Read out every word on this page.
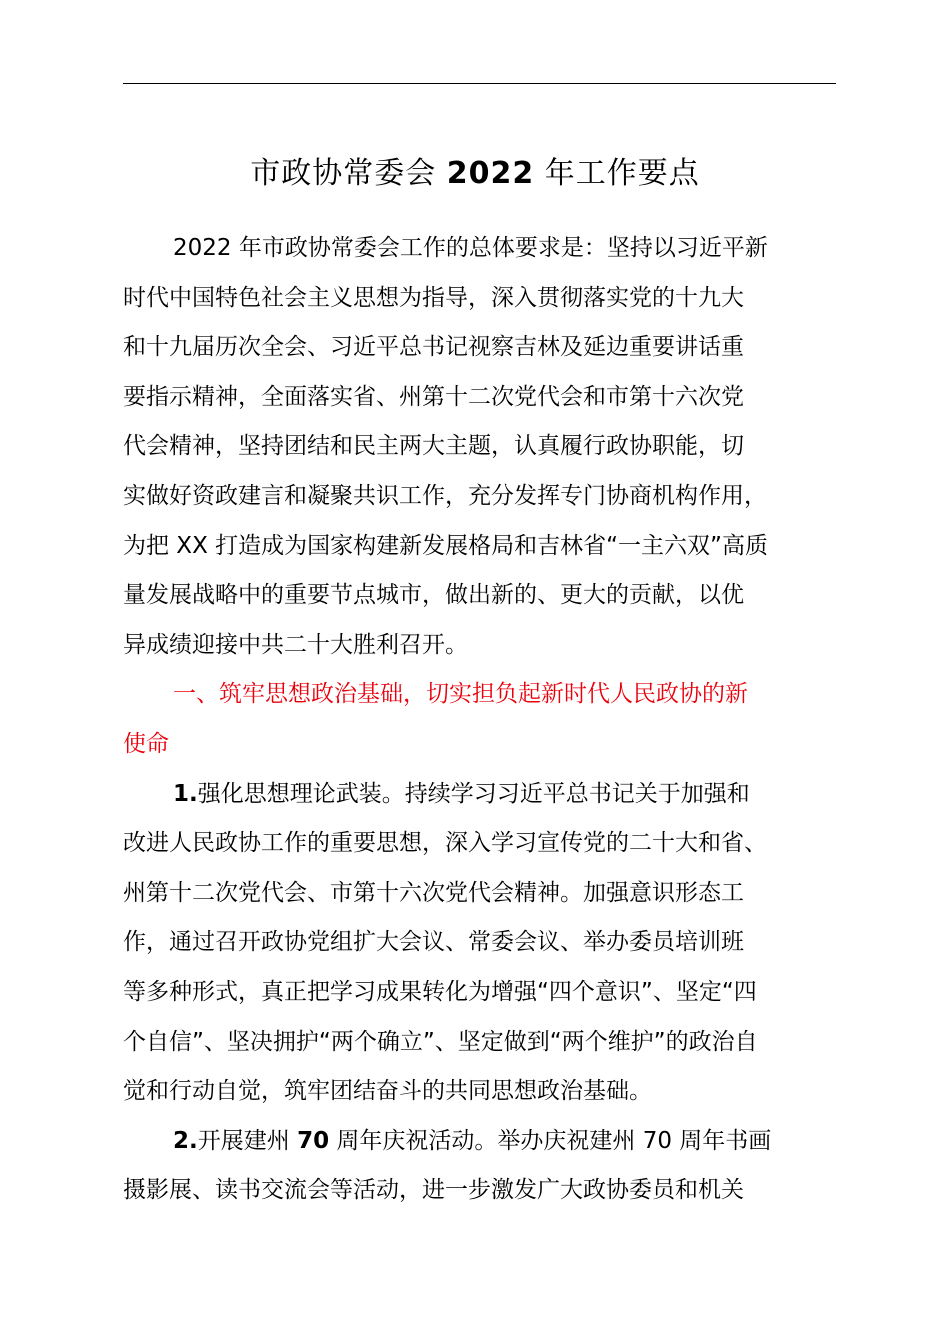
市政协常委会 2022 年工作要点
2022 年市政协常委会工作的总体要求是：坚持以习近平新
时代中国特色社会主义思想为指导，深入贯彻落实党的十九大
和十九届历次全会、习近平总书记视察吉林及延边重要讲话重
要指示精神，全面落实省、州第十二次党代会和市第十六次党
代会精神，坚持团结和民主两大主题，认真履行政协职能，切
实做好资政建言和凝聚共识工作，充分发挥专门协商机构作用，
为把 XX 打造成为国家构建新发展格局和吉林省“一主六双”高质
量发展战略中的重要节点城市，做出新的、更大的贡献，以优
异成绩迎接中共二十大胜利召开。
一、筑牢思想政治基础，切实担负起新时代人民政协的新
使命
1.强化思想理论武装。持续学习习近平总书记关于加强和
改进人民政协工作的重要思想，深入学习宣传党的二十大和省、
州第十二次党代会、市第十六次党代会精神。加强意识形态工
作，通过召开政协党组扩大会议、常委会议、举办委员培训班
等多种形式，真正把学习成果转化为增强“四个意识”、坚定“四
个自信”、坚决拥护“两个确立”、坚定做到“两个维护”的政治自
觉和行动自觉，筑牢团结奋斗的共同思想政治基础。
2.开展建州 70 周年庆祝活动。举办庆祝建州 70 周年书画
摄影展、读书交流会等活动，进一步激发广大政协委员和机关
